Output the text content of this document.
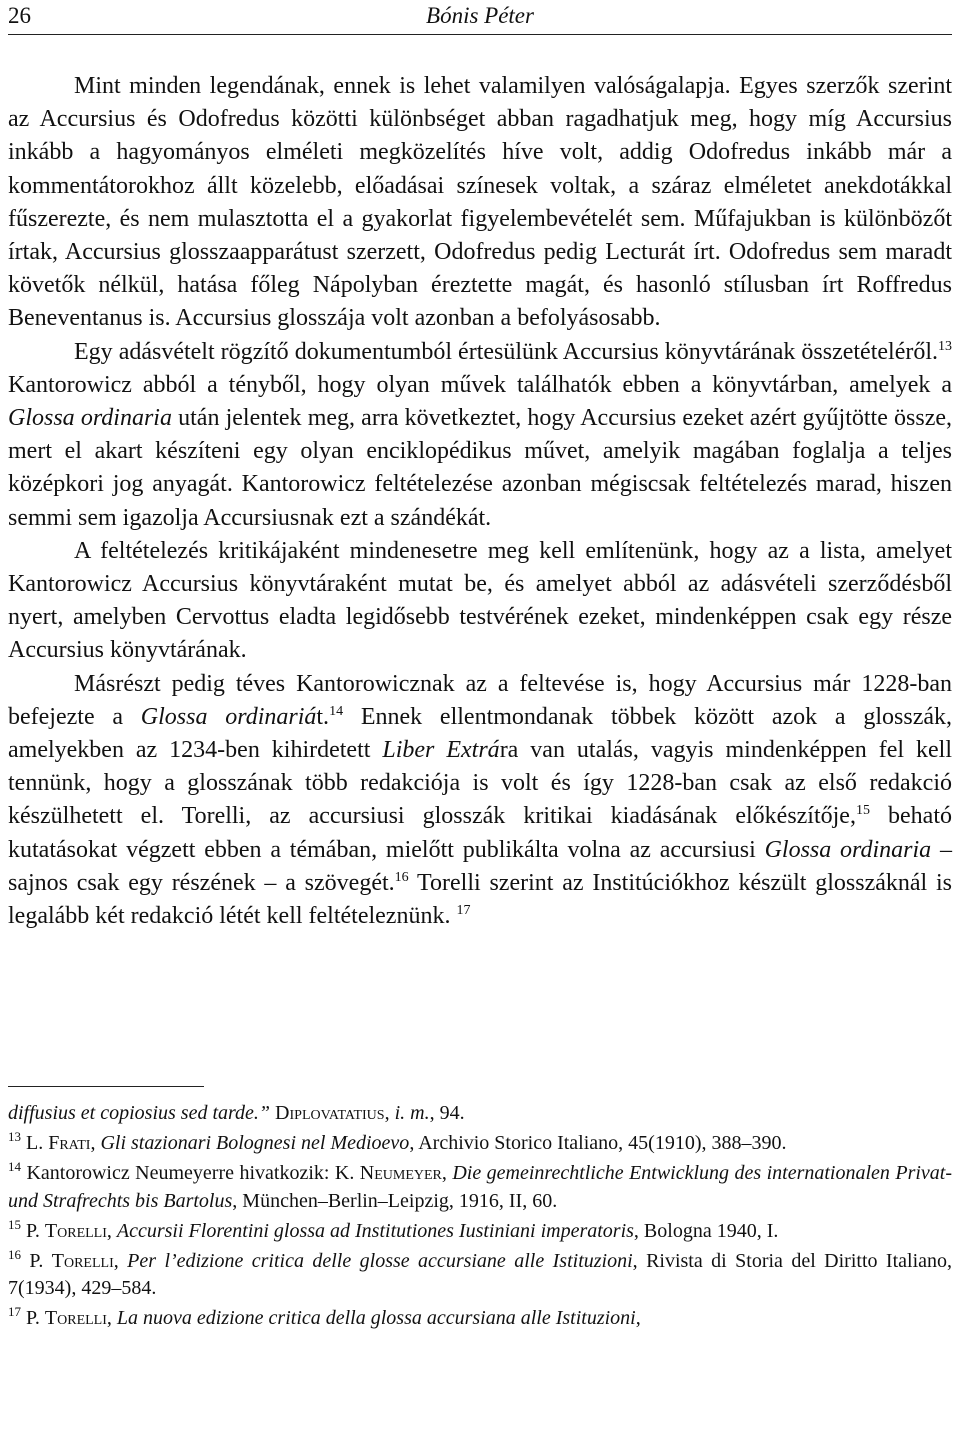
26	Bónis Péter

Mint minden legendának, ennek is lehet valamilyen valóságalapja. Egyes szerzők szerint az Accursius és Odofredus közötti különbséget abban ragadhatjuk meg, hogy míg Accursius inkább a hagyományos elméleti megközelítés híve volt, addig Odofredus inkább már a kommentátorokhoz állt közelebb, előadásai színesek voltak, a száraz elméletet anekdotákkal fűszerezte, és nem mulasztotta el a gyakorlat figyelembevételét sem. Műfajukban is különbözőt írtak, Accursius glosszaapparátust szerzett, Odofredus pedig Lecturát írt. Odofredus sem maradt követők nélkül, hatása főleg Nápolyban éreztette magát, és hasonló stílusban írt Roffredus Beneventanus is. Accursius glosszája volt azonban a befolyásosabb.

Egy adásvételt rögzítő dokumentumból értesülünk Accursius könyvtárának összetételéről.$^{13}$ Kantorowicz abból a tényből, hogy olyan művek találhatók ebben a könyvtárban, amelyek a Glossa ordinaria után jelentek meg, arra következtet, hogy Accursius ezeket azért gyűjtötte össze, mert el akart készíteni egy olyan enciklopédikus művet, amelyik magában foglalja a teljes középkori jog anyagát. Kantorowicz feltételezése azonban mégiscsak feltételezés marad, hiszen semmi sem igazolja Accursiusnak ezt a szándékát.

A feltételezés kritikájaként mindenesetre meg kell említenünk, hogy az a lista, amelyet Kantorowicz Accursius könyvtáraként mutat be, és amelyet abból az adásvételi szerződésből nyert, amelyben Cervottus eladta legidősebb testvérének ezeket, mindenképpen csak egy része Accursius könyvtárának.

Másrészt pedig téves Kantorowicznak az a feltevése is, hogy Accursius már 1228-ban befejezte a Glossa ordinariát.$^{14}$ Ennek ellentmondanak többek között azok a glosszák, amelyekben az 1234-ben kihirdetett Liber Extrára van utalás, vagyis mindenképpen fel kell tennünk, hogy a glosszának több redakciója is volt és így 1228-ban csak az első redakció készülhetett el. Torelli, az accursiusi glosszák kritikai kiadásának előkészítője,$^{15}$ beható kutatásokat végzett ebben a témában, mielőtt publikálta volna az accursiusi Glossa ordinaria – sajnos csak egy részének – a szövegét.$^{16}$ Torelli szerint az Institúciókhoz készült glosszáknál is legalább két redakció létét kell feltételeznünk. $^{17}$

diffusius et copiosius sed tarde.” Diplovatatius, i. m., 94.

$^{13}$ L. Frati, Gli stazionari Bolognesi nel Medioevo, Archivio Storico Italiano, 45(1910), 388–390.

$^{14}$ Kantorowicz Neumeyerre hivatkozik: K. Neumeyer, Die gemeinrechtliche Entwicklung des internationalen Privat- und Strafrechts bis Bartolus, München–Berlin–Leipzig, 1916, II, 60.

$^{15}$ P. Torelli, Accursii Florentini glossa ad Institutiones Iustiniani imperatoris, Bologna 1940, I.

$^{16}$ P. Torelli, Per l’edizione critica delle glosse accursiane alle Istituzioni, Rivista di Storia del Diritto Italiano, 7(1934), 429–584.

$^{17}$ P. Torelli, La nuova edizione critica della glossa accursiana alle Istituzioni,
